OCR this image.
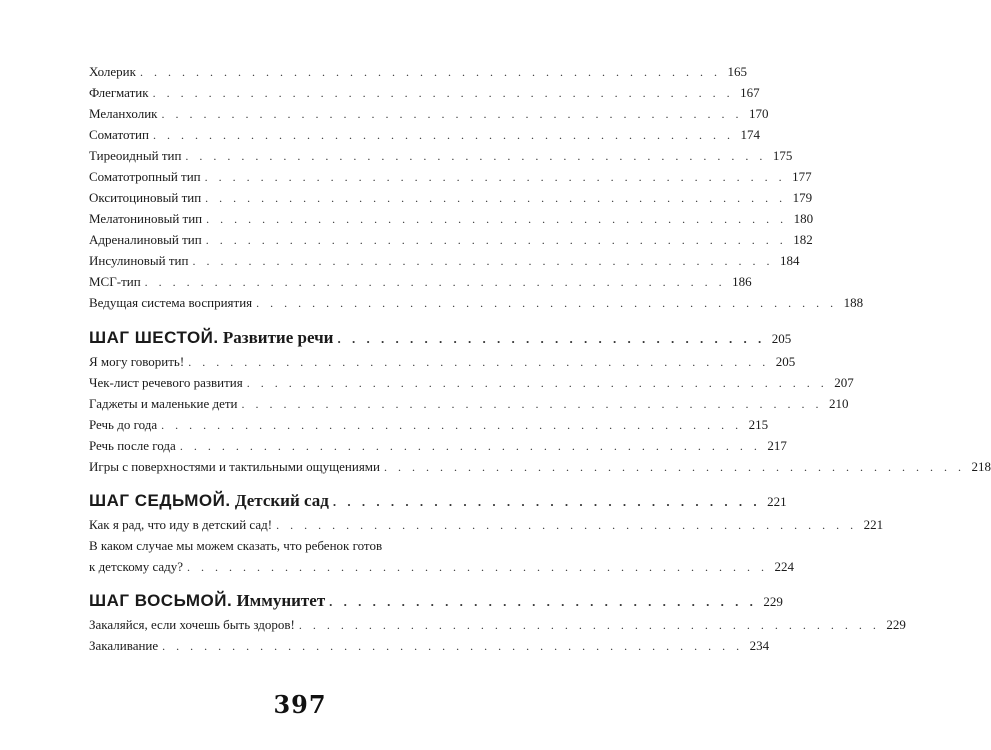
Холерик . . . . . . . . . . . . . . . . . . . . . . . . . . . . . . . . . . . . . . . . . . 165
Флегматик . . . . . . . . . . . . . . . . . . . . . . . . . . . . . . . . . . . . . . . . . . 167
Меланхолик . . . . . . . . . . . . . . . . . . . . . . . . . . . . . . . . . . . . . . . . . . 170
Соматотип . . . . . . . . . . . . . . . . . . . . . . . . . . . . . . . . . . . . . . . . . . 174
Тиреоидный тип . . . . . . . . . . . . . . . . . . . . . . . . . . . . . . . . . . . . . . . . . . 175
Соматотропный тип . . . . . . . . . . . . . . . . . . . . . . . . . . . . . . . . . . . . . . . . . . 177
Окситоциновый тип . . . . . . . . . . . . . . . . . . . . . . . . . . . . . . . . . . . . . . . . . . 179
Мелатониновый тип . . . . . . . . . . . . . . . . . . . . . . . . . . . . . . . . . . . . . . . . . . 180
Адреналиновый тип . . . . . . . . . . . . . . . . . . . . . . . . . . . . . . . . . . . . . . . . . . 182
Инсулиновый тип . . . . . . . . . . . . . . . . . . . . . . . . . . . . . . . . . . . . . . . . . . 184
МСГ-тип . . . . . . . . . . . . . . . . . . . . . . . . . . . . . . . . . . . . . . . . . . 186
Ведущая система восприятия . . . . . . . . . . . . . . . . . . . . . . . . . . . . . . . . . . . . . . . . . . 188
ШАГ ШЕСТОЙ. Развитие речи . . . . . . . . . . . . . . . . . . . . . . . . . . . . . . 205
Я могу говорить! . . . . . . . . . . . . . . . . . . . . . . . . . . . . . . . . . . . . . . . . . . 205
Чек-лист речевого развития . . . . . . . . . . . . . . . . . . . . . . . . . . . . . . . . . . . . . . . . . . 207
Гаджеты и маленькие дети . . . . . . . . . . . . . . . . . . . . . . . . . . . . . . . . . . . . . . . . . . 210
Речь до года . . . . . . . . . . . . . . . . . . . . . . . . . . . . . . . . . . . . . . . . . . 215
Речь после года . . . . . . . . . . . . . . . . . . . . . . . . . . . . . . . . . . . . . . . . . . 217
Игры с поверхностями и тактильными ощущениями . . . . . . . . . . . . . . . . . . . . . . . . . . . . . . . . . . . . . . . . . . 218
ШАГ СЕДЬМОЙ. Детский сад . . . . . . . . . . . . . . . . . . . . . . . . . . . . . . 221
Как я рад, что иду в детский сад! . . . . . . . . . . . . . . . . . . . . . . . . . . . . . . . . . . . . . . . . . . 221
В каком случае мы можем сказать, что ребенок готов
к детскому саду? . . . . . . . . . . . . . . . . . . . . . . . . . . . . . . . . . . . . . . . . . . 224
ШАГ ВОСЬМОЙ. Иммунитет . . . . . . . . . . . . . . . . . . . . . . . . . . . . . . 229
Закаляйся, если хочешь быть здоров! . . . . . . . . . . . . . . . . . . . . . . . . . . . . . . . . . . . . . . . . . . 229
Закаливание . . . . . . . . . . . . . . . . . . . . . . . . . . . . . . . . . . . . . . . . . . 234
397
